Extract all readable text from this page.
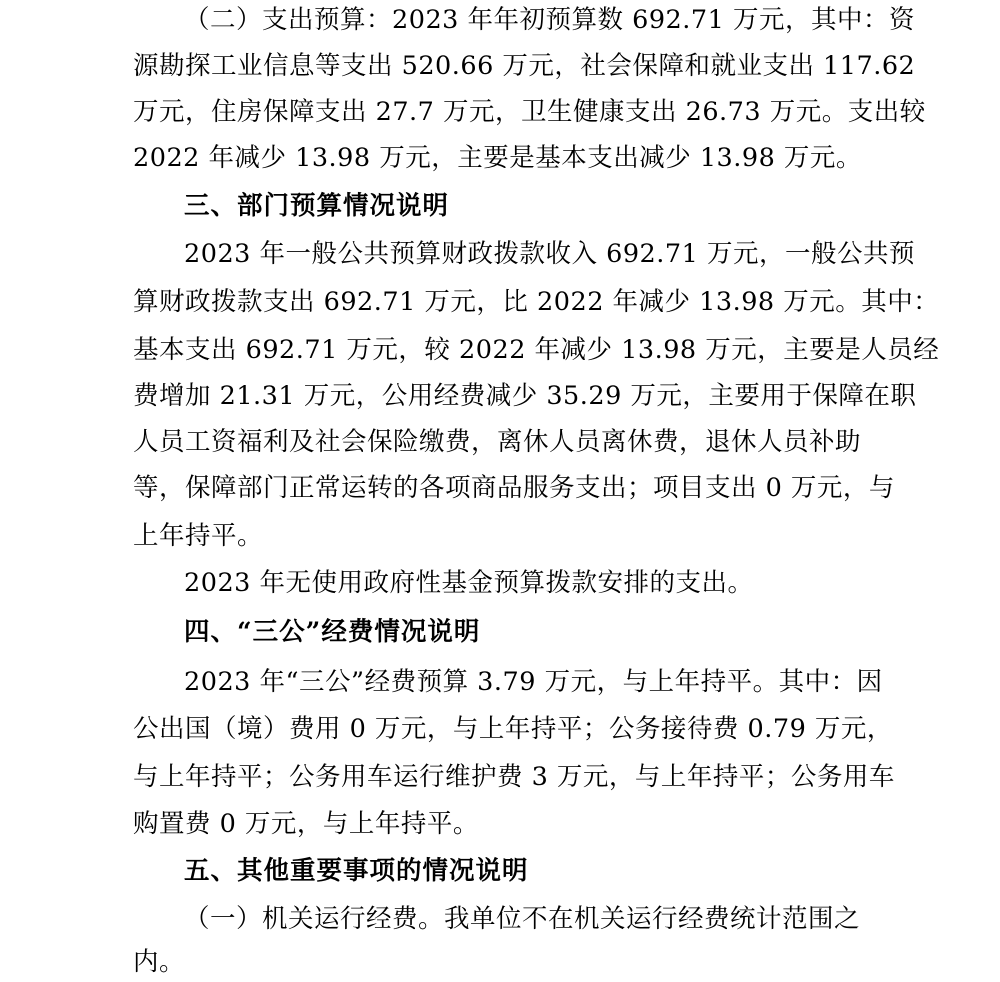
（二）支出预算：2023 年年初预算数 692.71 万元，其中：资
源勘探工业信息等支出 520.66 万元，社会保障和就业支出 117.62
万元，住房保障支出 27.7 万元，卫生健康支出 26.73 万元。支出较
2022 年减少 13.98 万元，主要是基本支出减少 13.98 万元。
三、部门预算情况说明
2023 年一般公共预算财政拨款收入 692.71 万元，一般公共预
算财政拨款支出 692.71 万元，比 2022 年减少 13.98 万元。其中：
基本支出 692.71 万元，较 2022 年减少 13.98 万元，主要是人员经
费增加 21.31 万元，公用经费减少 35.29 万元，主要用于保障在职
人员工资福利及社会保险缴费，离休人员离休费，退休人员补助
等，保障部门正常运转的各项商品服务支出；项目支出 0 万元，与
上年持平。
2023 年无使用政府性基金预算拨款安排的支出。
四、“三公”经费情况说明
2023 年“三公”经费预算 3.79 万元，与上年持平。其中：因
公出国（境）费用 0 万元，与上年持平；公务接待费 0.79 万元，
与上年持平；公务用车运行维护费 3 万元，与上年持平；公务用车
购置费 0 万元，与上年持平。
五、其他重要事项的情况说明
（一）机关运行经费。我单位不在机关运行经费统计范围之
内。
